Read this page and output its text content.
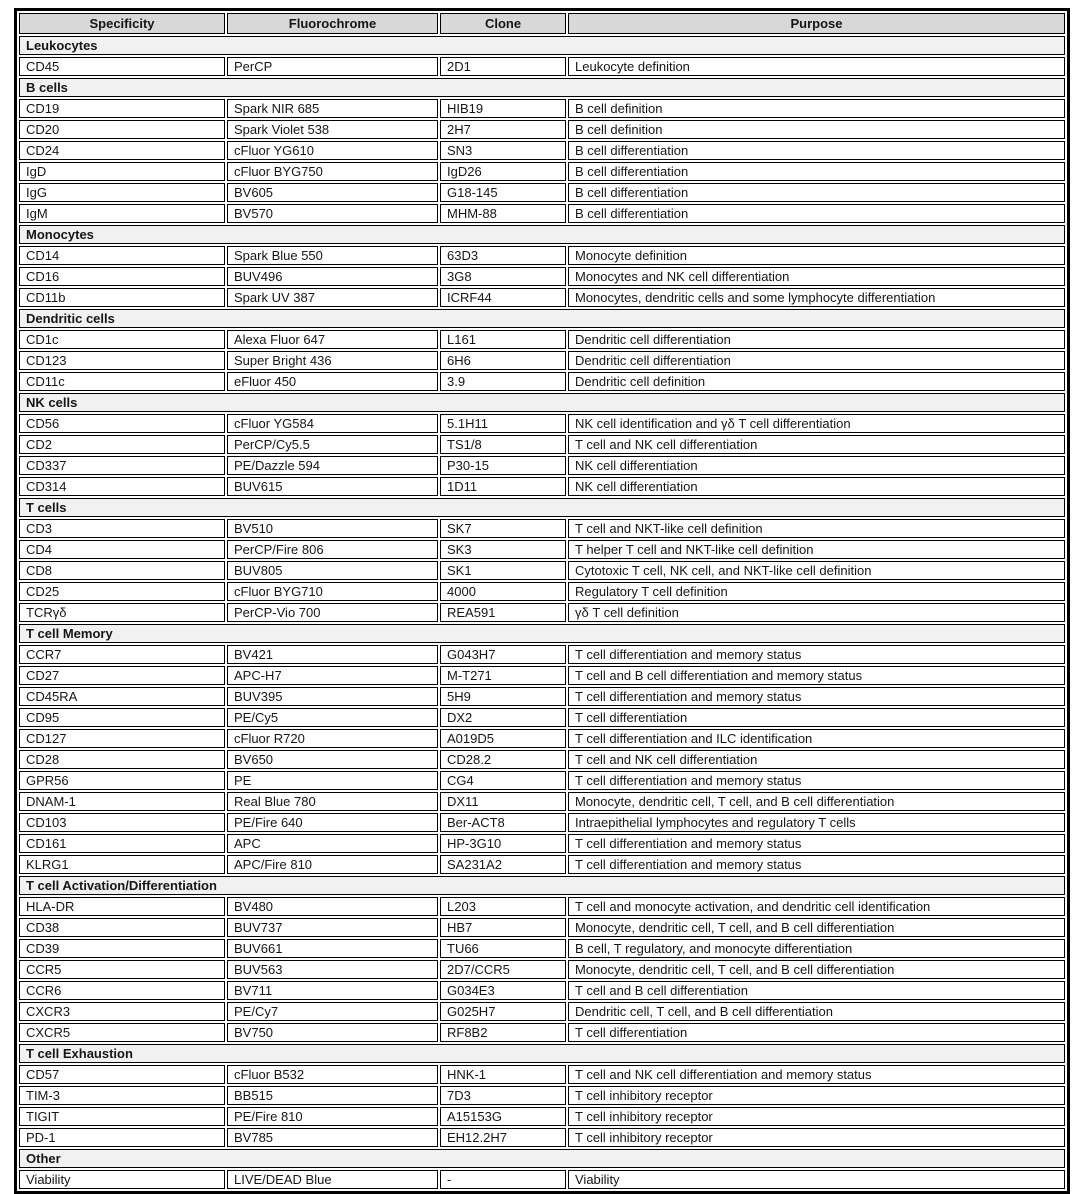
Specificity	Fluorochrome	Clone	Purpose
Leukocytes			
CD45	PerCP	2D1	Leukocyte definition
B cells			
CD19	Spark NIR 685	HIB19	B cell definition
CD20	Spark Violet 538	2H7	B cell definition
CD24	cFluor YG610	SN3	B cell differentiation
IgD	cFluor BYG750	IgD26	B cell differentiation
IgG	BV605	G18-145	B cell differentiation
IgM	BV570	MHM-88	B cell differentiation
Monocytes			
CD14	Spark Blue 550	63D3	Monocyte definition
CD16	BUV496	3G8	Monocytes and NK cell differentiation
CD11b	Spark UV 387	ICRF44	Monocytes, dendritic cells and some lymphocyte differentiation
Dendritic cells			
CD1c	Alexa Fluor 647	L161	Dendritic cell differentiation
CD123	Super Bright 436	6H6	Dendritic cell differentiation
CD11c	eFluor 450	3.9	Dendritic cell definition
NK cells			
CD56	cFluor YG584	5.1H11	NK cell identification and γδ T cell differentiation
CD2	PerCP/Cy5.5	TS1/8	T cell and NK cell differentiation
CD337	PE/Dazzle 594	P30-15	NK cell differentiation
CD314	BUV615	1D11	NK cell differentiation
T cells			
CD3	BV510	SK7	T cell and NKT-like cell definition
CD4	PerCP/Fire 806	SK3	T helper T cell and NKT-like cell definition
CD8	BUV805	SK1	Cytotoxic T cell, NK cell, and NKT-like cell definition
CD25	cFluor BYG710	4000	Regulatory T cell definition
TCRγδ	PerCP-Vio 700	REA591	γδ T cell definition
T cell Memory			
CCR7	BV421	G043H7	T cell differentiation and memory status
CD27	APC-H7	M-T271	T cell and B cell differentiation and memory status
CD45RA	BUV395	5H9	T cell differentiation and memory status
CD95	PE/Cy5	DX2	T cell differentiation
CD127	cFluor R720	A019D5	T cell differentiation and ILC identification
CD28	BV650	CD28.2	T cell and NK cell differentiation
GPR56	PE	CG4	T cell differentiation and memory status
DNAM-1	Real Blue 780	DX11	Monocyte, dendritic cell, T cell, and B cell differentiation
CD103	PE/Fire 640	Ber-ACT8	Intraepithelial lymphocytes and regulatory T cells
CD161	APC	HP-3G10	T cell differentiation and memory status
KLRG1	APC/Fire 810	SA231A2	T cell differentiation and memory status
T cell Activation/Differentiation			
HLA-DR	BV480	L203	T cell and monocyte activation, and dendritic cell identification
CD38	BUV737	HB7	Monocyte, dendritic cell, T cell, and B cell differentiation
CD39	BUV661	TU66	B cell, T regulatory, and monocyte differentiation
CCR5	BUV563	2D7/CCR5	Monocyte, dendritic cell, T cell, and B cell differentiation
CCR6	BV711	G034E3	T cell and B cell differentiation
CXCR3	PE/Cy7	G025H7	Dendritic cell, T cell, and B cell differentiation
CXCR5	BV750	RF8B2	T cell differentiation
T cell Exhaustion			
CD57	cFluor B532	HNK-1	T cell and NK cell differentiation and memory status
TIM-3	BB515	7D3	T cell inhibitory receptor
TIGIT	PE/Fire 810	A15153G	T cell inhibitory receptor
PD-1	BV785	EH12.2H7	T cell inhibitory receptor
Other			
Viability	LIVE/DEAD Blue	-	Viability
